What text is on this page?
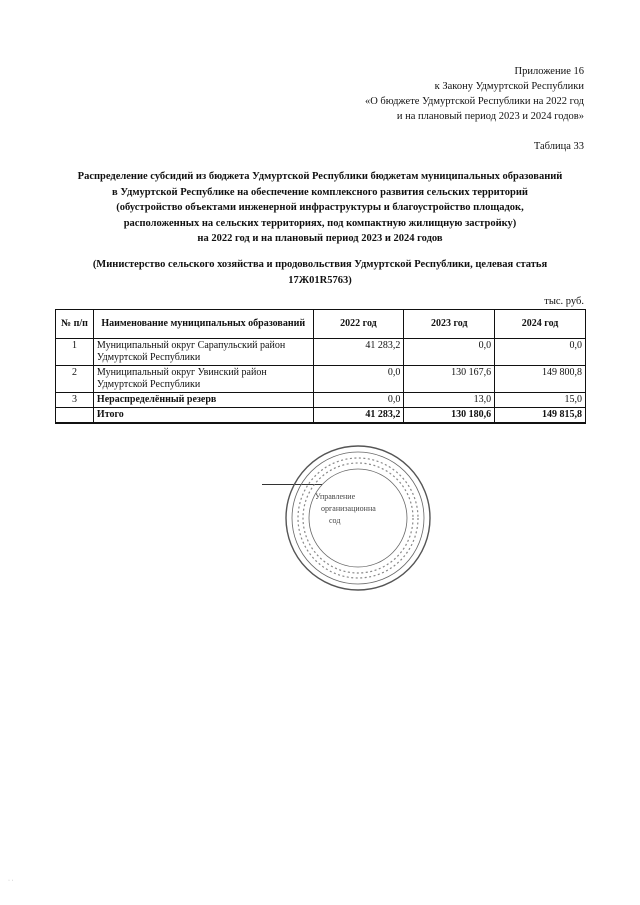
Приложение 16
к Закону Удмуртской Республики
«О бюджете Удмуртской Республики на 2022 год
и на плановый период 2023 и 2024 годов»
Таблица 33
Распределение субсидий из бюджета Удмуртской Республики бюджетам муниципальных образований
в Удмуртской Республике на обеспечение комплексного развития сельских территорий
(обустройство объектами инженерной инфраструктуры и благоустройство площадок,
расположенных на сельских территориях, под компактную жилищную застройку)
на 2022 год и на плановый период 2023 и 2024 годов
(Министерство сельского хозяйства и продовольствия Удмуртской Республики, целевая статья
17Ж01R5763)
тыс. руб.
№ п/п	Наименование муниципальных образований	2022 год	2023 год	2024 год
1	Муниципальный округ Сарапульский район Удмуртской Республики	41 283,2	0,0	0,0
2	Муниципальный округ Увинский район Удмуртской Республики	0,0	130 167,6	149 800,8
3	Нераспределённый резерв	0,0	13,0	15,0
	Итого	41 283,2	130 180,6	149 815,8
Управление
организационна
сод
· ·
